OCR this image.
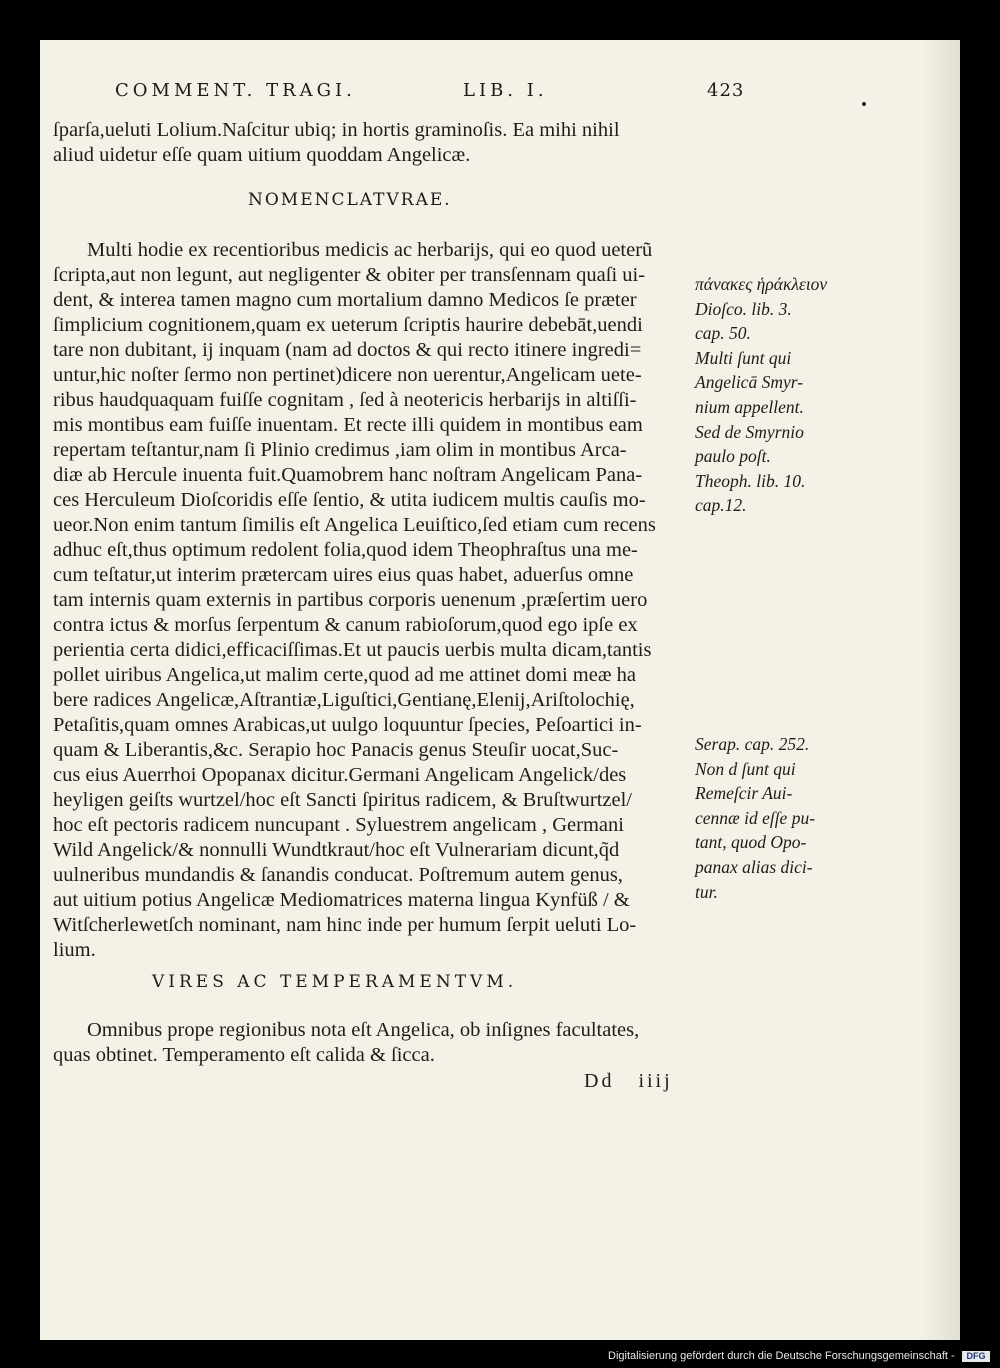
COMMENT. TRAGI.	LIB. I.	423
ſparſa,ueluti Lolium.Naſcitur ubiq; in hortis graminoſis. Ea mihi nihil
aliud uidetur eſſe quam uitium quoddam Angelicæ.
NOMENCLATVRAE.
Multi hodie ex recentioribus medicis ac herbarijs, qui eo quod ueterũ
ſcripta,aut non legunt, aut negligenter & obiter per transſennam quaſi ui-
dent, & interea tamen magno cum mortalium damno Medicos ſe præter
ſimplicium cognitionem,quam ex ueterum ſcriptis haurire debebāt,uendi
tare non dubitant, ij inquam (nam ad doctos & qui recto itinere ingredi=
untur,hic noſter ſermo non pertinet)dicere non uerentur,Angelicam uete-
ribus haudquaquam fuiſſe cognitam , ſed à neotericis herbarijs in altiſſi-
mis montibus eam fuiſſe inuentam. Et recte illi quidem in montibus eam
repertam teſtantur,nam ſi Plinio credimus ,iam olim in montibus Arca-
diæ ab Hercule inuenta fuit.Quamobrem hanc noſtram Angelicam Pana-
ces Herculeum Dioſcoridis eſſe ſentio, & utita iudicem multis cauſis mo-
ueor.Non enim tantum ſimilis eſt Angelica Leuiſtico,ſed etiam cum recens
adhuc eſt,thus optimum redolent folia,quod idem Theophraſtus una me-
cum teſtatur,ut interim prætercam uires eius quas habet, aduerſus omne
tam internis quam externis in partibus corporis uenenum ,præſertim uero
contra ictus & morſus ſerpentum & canum rabioſorum,quod ego ipſe ex
perientia certa didici,efficaciſſimas.Et ut paucis uerbis multa dicam,tantis
pollet uiribus Angelica,ut malim certe,quod ad me attinet domi meæ ha
bere radices Angelicæ,Aſtrantiæ,Liguſtici,Gentianę,Elenij,Ariſtolochię,
Petaſitis,quam omnes Arabicas,ut uulgo loquuntur ſpecies, Peſoartici in-
quam & Liberantis,&c. Serapio hoc Panacis genus Steuſir uocat,Suc-
cus eius Auerrhoi Opopanax dicitur.Germani Angelicam Angelick/des
heyligen geiſts wurtzel/hoc eſt Sancti ſpiritus radicem, & Bruſtwurtzel/
hoc eſt pectoris radicem nuncupant . Syluestrem angelicam , Germani
Wild Angelick/& nonnulli Wundtkraut/hoc eſt Vulnerariam dicunt,q̃d
uulneribus mundandis & ſanandis conducat. Poſtremum autem genus,
aut uitium potius Angelicæ Mediomatrices materna lingua Kynfüß / &
Witſcherlewetſch nominant, nam hinc inde per humum ſerpit ueluti Lo-
lium.
πάνακες ἡράκλειον
Dioſco. lib. 3.
cap. 50.
Multi ſunt qui
Angelicā Smyr-
nium appellent.
Sed de Smyrnio
paulo poſt.
Theoph. lib. 10.
cap.12.
Serap. cap. 252.
Non d ſunt qui
Remeſcir Aui-
cennæ id eſſe pu-
tant, quod Opo-
panax alias dici-
tur.
VIRES AC TEMPERAMENTVM.
Omnibus prope regionibus nota eſt Angelica, ob inſignes facultates,
quas obtinet. Temperamento eſt calida & ſicca.
Dd   iiij
Digitalisierung gefördert durch die Deutsche Forschungsgemeinschaft -	DFG
